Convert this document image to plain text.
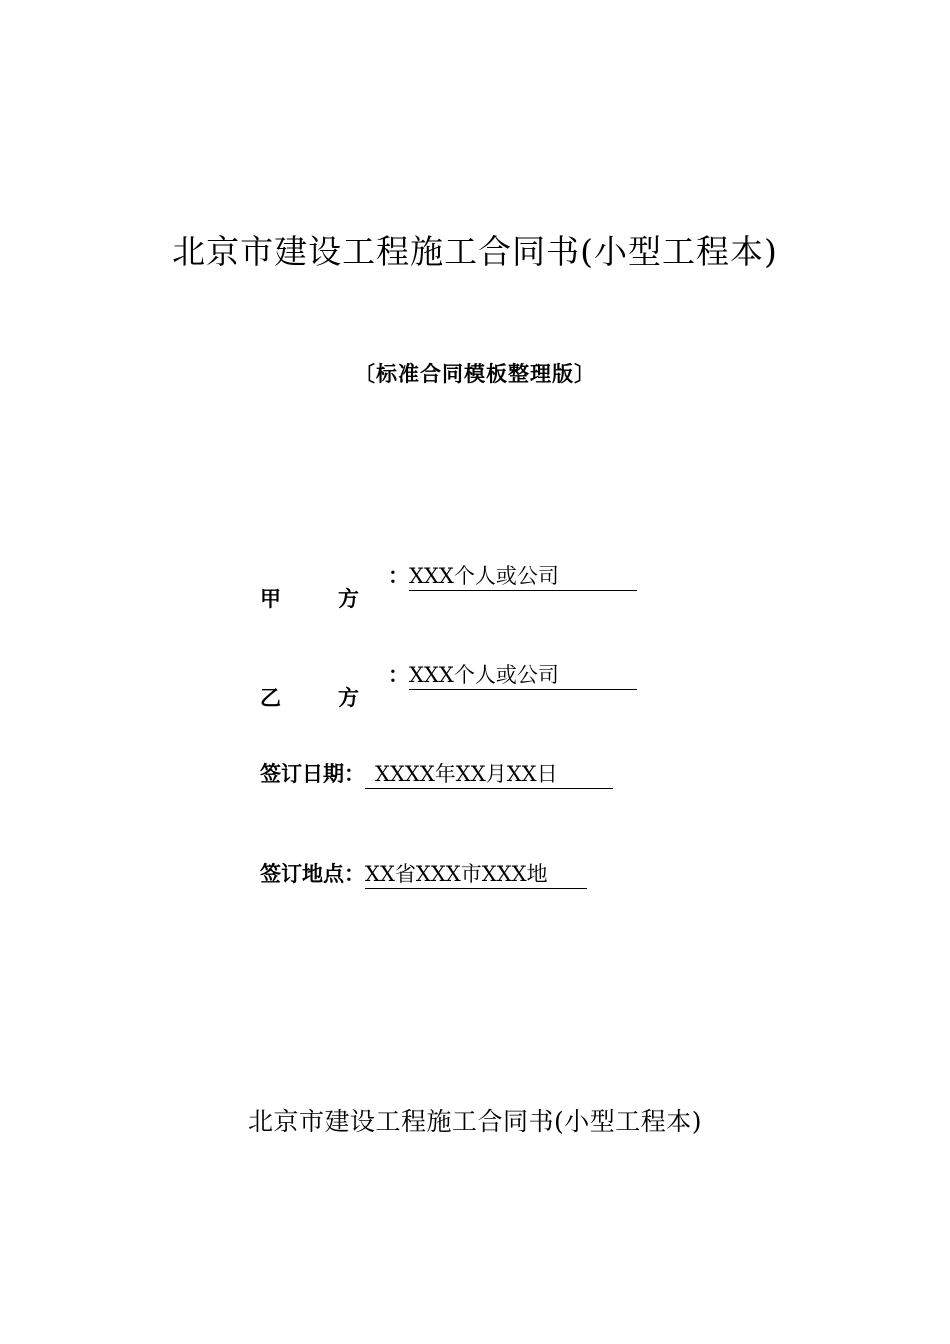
北京市建设工程施工合同书(小型工程本)
〔标准合同模板整理版〕
甲	方
：XXX个人或公司
乙	方
：XXX个人或公司
签订日期： XXXX年XX月XX日
签订地点：XX省XXX市XXX地
北京市建设工程施工合同书(小型工程本)
